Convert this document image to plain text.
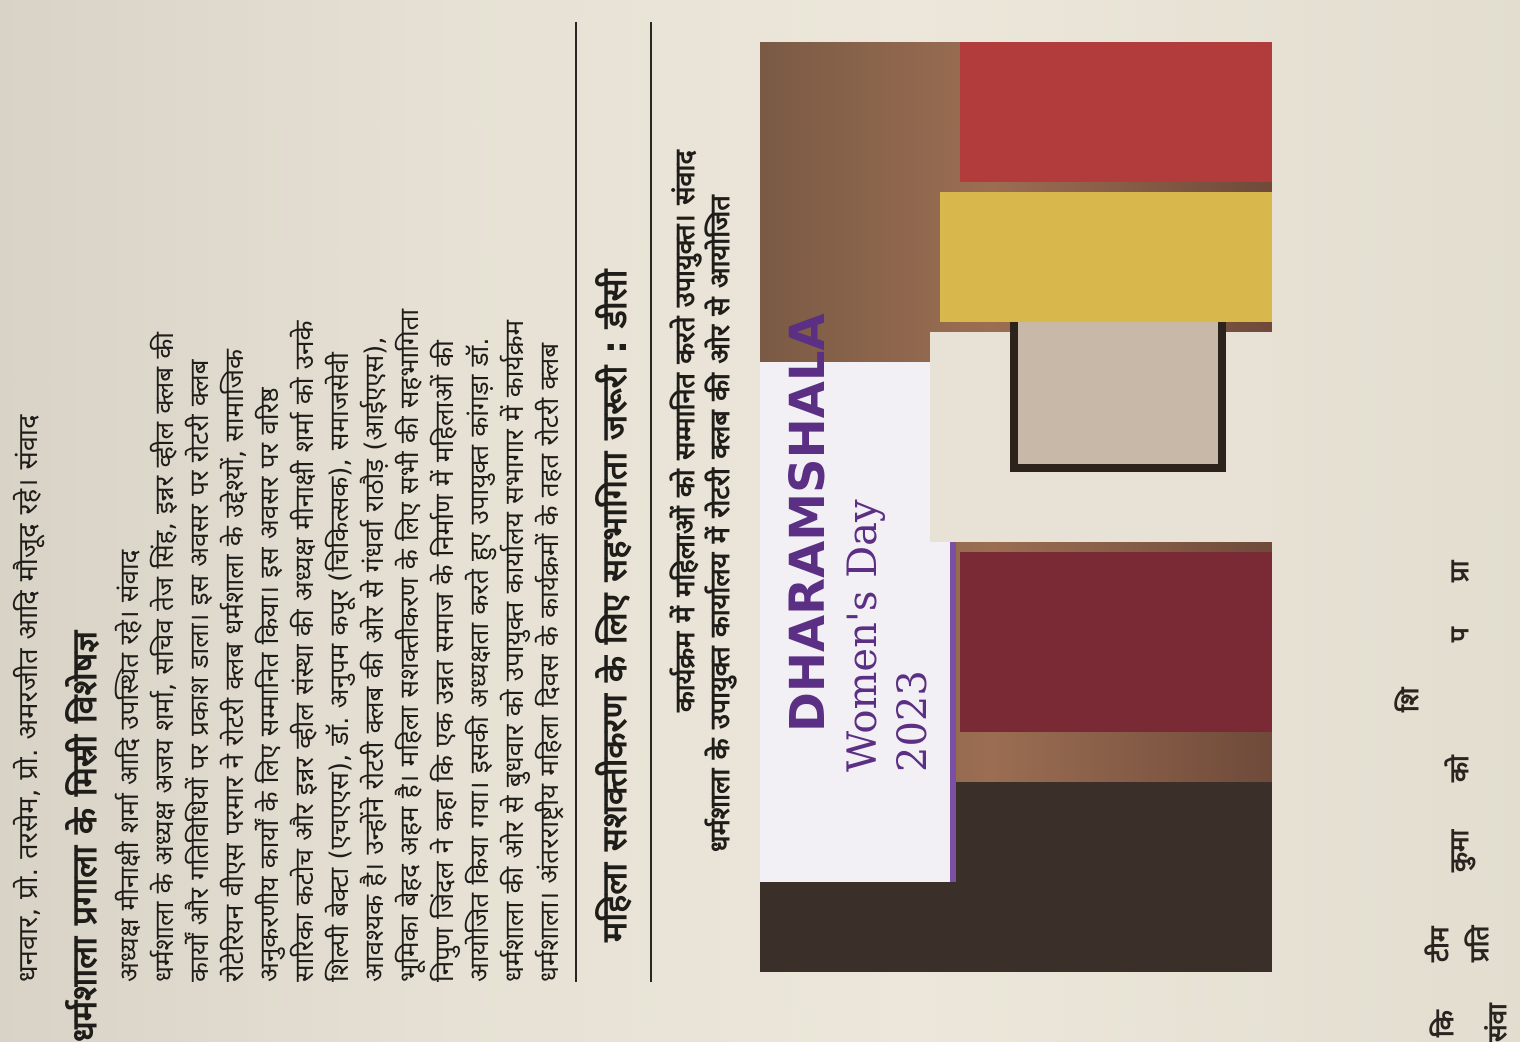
धनवार, प्रो. तरसेम, प्रो. अमरजीत आदि मौजूद रहे। संवाद	DHARAMSHALA Women's Day 2023
धर्मशाला के उपायुक्त कार्यालय में रोटरी क्लब की ओर से आयोजित
कार्यक्रम में महिलाओं को सम्मानित करते उपायुक्त। संवाद
महिला सशक्तीकरण के लिए सहभागिता जरूरी : डीसी
धर्मशाला। अंतरराष्ट्रीय महिला दिवस के कार्यक्रमों के तहत रोटरी क्लब
धर्मशाला की ओर से बुधवार को उपायुक्त कार्यालय सभागार में कार्यक्रम
आयोजित किया गया। इसकी अध्यक्षता करते हुए उपायुक्त कांगड़ा डॉ.
निपुण जिंदल ने कहा कि एक उन्नत समाज के निर्माण में महिलाओं की
भूमिका बेहद अहम है। महिला सशक्तीकरण के लिए सभी की सहभागिता
आवश्यक है। उन्होंने रोटरी क्लब की ओर से गंधर्वा राठौड़ (आईएएस),
शिल्पी बेक्टा (एचएएस), डॉ. अनुपम कपूर (चिकित्सक), समाजसेवी
सारिका कटोच और इन्नर व्हील संस्था की अध्यक्ष मीनाक्षी शर्मा को उनके
अनुकरणीय कार्यों के लिए सम्मानित किया। इस अवसर पर वरिष्ठ
रोटेरियन वीएस परमार ने रोटरी क्लब धर्मशाला के उद्देश्यों, सामाजिक
कार्यों और गतिविधियों पर प्रकाश डाला। इस अवसर पर रोटरी क्लब
धर्मशाला के अध्यक्ष अजय शर्मा, सचिव तेज सिंह, इन्नर व्हील क्लब की
अध्यक्ष मीनाक्षी शर्मा आदि उपस्थित रहे। संवाद
धर्मशाला प्रगाला के मिस्री विशेषज्ञ	संवा
कि
प्रति
टीम
कुमा
को
शि
प
प्रा
